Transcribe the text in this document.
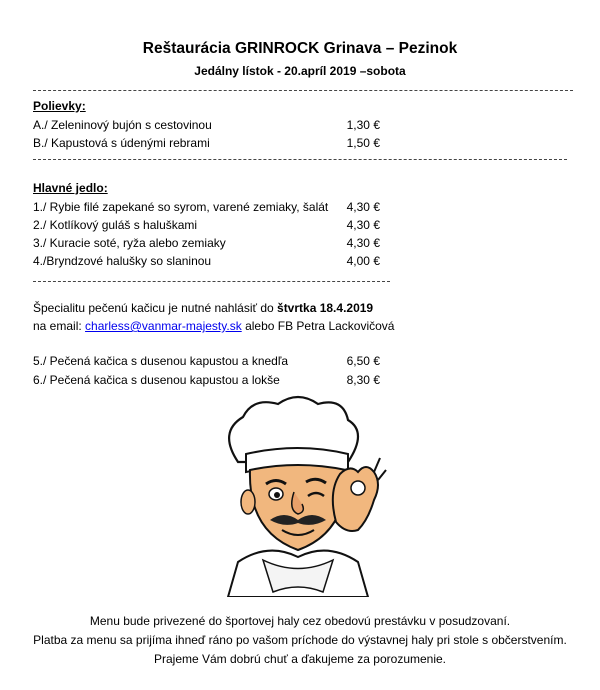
Reštaurácia GRINROCK Grinava – Pezinok
Jedálny lístok - 20.apríl 2019 –sobota
Polievky:
A./ Zeleninový bujón s cestovinou	1,30 €
B./ Kapustová s údenými rebrami	1,50 €
Hlavné jedlo:
1./ Rybie filé zapekané so syrom, varené zemiaky, šalát	4,30 €
2./ Kotlíkový guláš s haluškami	4,30 €
3./ Kuracie soté, ryža alebo zemiaky	4,30 €
4./Bryndzové halušky so slaninou	4,00 €
Špecialitu pečenú kačicu je nutné nahlásiť do štvrtka 18.4.2019
na email: charless@vanmar-majesty.sk alebo FB Petra Lackovičová
5./ Pečená kačica s dusenou kapustou a knedľa	6,50 €
6./ Pečená kačica s dusenou kapustou a lokše	8,30 €
Menu bude privezené do športovej haly cez obedovú prestávku v posudzovaní.
Platba za menu sa prijíma ihneď ráno po vašom príchode do výstavnej haly pri stole s občerstvením.
Prajeme Vám dobrú chuť a ďakujeme za porozumenie.
